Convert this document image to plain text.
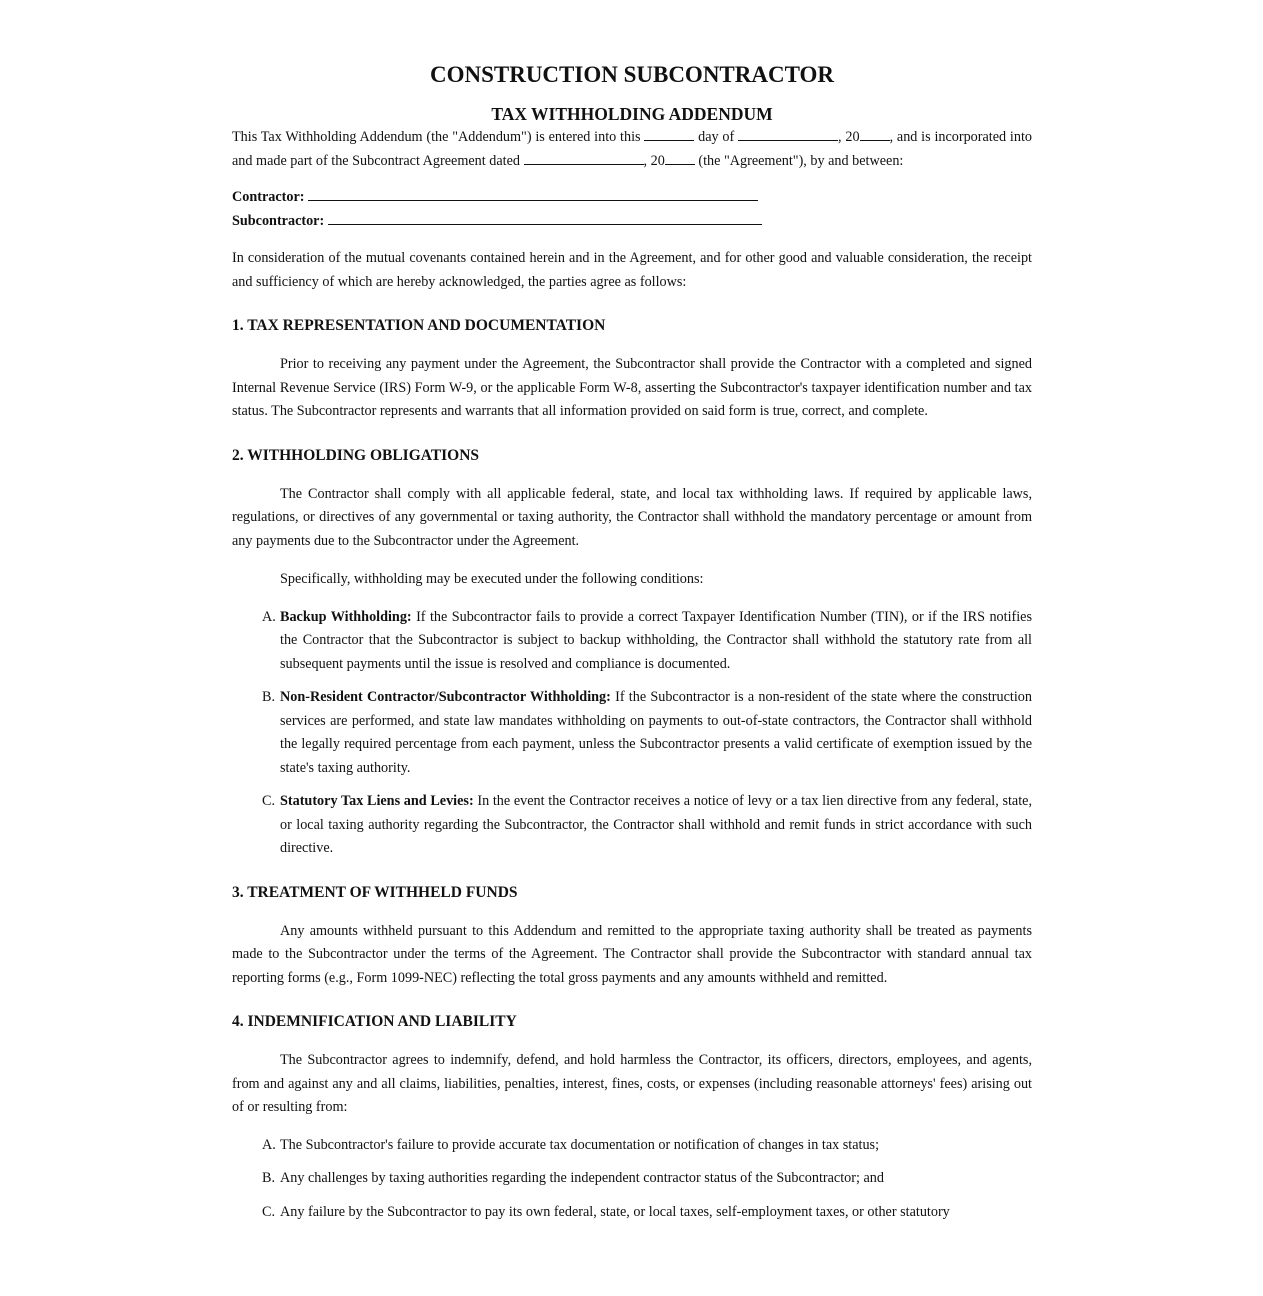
CONSTRUCTION SUBCONTRACTOR
TAX WITHHOLDING ADDENDUM

This Tax Withholding Addendum (the "Addendum") is entered into this	day of	, 20 , and is incorporated into and made part of the Subcontract Agreement dated	, 20 (the "Agreement"), by and between:

Contractor:
Subcontractor:

In consideration of the mutual covenants contained herein and in the Agreement, and for other good and valuable consideration, the receipt and sufficiency of which are hereby acknowledged, the parties agree as follows:

1. TAX REPRESENTATION AND DOCUMENTATION

Prior to receiving any payment under the Agreement, the Subcontractor shall provide the Contractor with a completed and signed Internal Revenue Service (IRS) Form W-9, or the applicable Form W-8, asserting the Subcontractor's taxpayer identification number and tax status. The Subcontractor represents and warrants that all information provided on said form is true, correct, and complete.

2. WITHHOLDING OBLIGATIONS

The Contractor shall comply with all applicable federal, state, and local tax withholding laws. If required by applicable laws, regulations, or directives of any governmental or taxing authority, the Contractor shall withhold the mandatory percentage or amount from any payments due to the Subcontractor under the Agreement.

Specifically, withholding may be executed under the following conditions:

A. Backup Withholding: If the Subcontractor fails to provide a correct Taxpayer Identification Number (TIN), or if the IRS notifies the Contractor that the Subcontractor is subject to backup withholding, the Contractor shall withhold the statutory rate from all subsequent payments until the issue is resolved and compliance is documented.
B. Non-Resident Contractor/Subcontractor Withholding: If the Subcontractor is a non-resident of the state where the construction services are performed, and state law mandates withholding on payments to out-of-state contractors, the Contractor shall withhold the legally required percentage from each payment, unless the Subcontractor presents a valid certificate of exemption issued by the state's taxing authority.
C. Statutory Tax Liens and Levies: In the event the Contractor receives a notice of levy or a tax lien directive from any federal, state, or local taxing authority regarding the Subcontractor, the Contractor shall withhold and remit funds in strict accordance with such directive.
3. TREATMENT OF WITHHELD FUNDS

Any amounts withheld pursuant to this Addendum and remitted to the appropriate taxing authority shall be treated as payments made to the Subcontractor under the terms of the Agreement. The Contractor shall provide the Subcontractor with standard annual tax reporting forms (e.g., Form 1099-NEC) reflecting the total gross payments and any amounts withheld and remitted.

4. INDEMNIFICATION AND LIABILITY

The Subcontractor agrees to indemnify, defend, and hold harmless the Contractor, its officers, directors, employees, and agents, from and against any and all claims, liabilities, penalties, interest, fines, costs, or expenses (including reasonable attorneys' fees) arising out of or resulting from:

A. The Subcontractor's failure to provide accurate tax documentation or notification of changes in tax status;
B. Any challenges by taxing authorities regarding the independent contractor status of the Subcontractor; and
C. Any failure by the Subcontractor to pay its own federal, state, or local taxes, self-employment taxes, or other statutory
